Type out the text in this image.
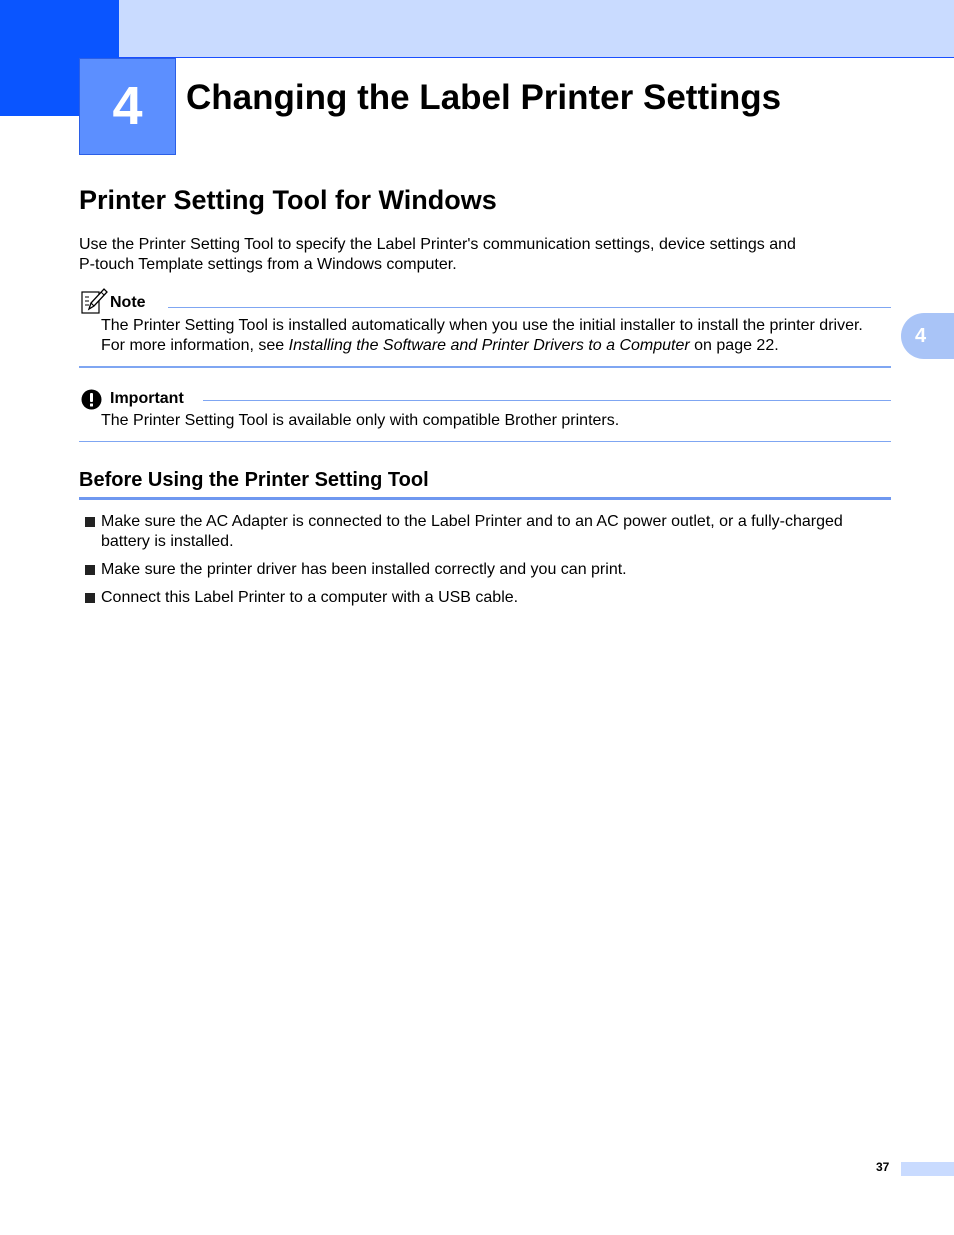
4	Changing the Label Printer Settings
Printer Setting Tool for Windows
Use the Printer Setting Tool to specify the Label Printer's communication settings, device settings and
P-touch Template settings from a Windows computer.
Note
The Printer Setting Tool is installed automatically when you use the initial installer to install the printer driver. For more information, see Installing the Software and Printer Drivers to a Computer on page 22.
Important
The Printer Setting Tool is available only with compatible Brother printers.
Before Using the Printer Setting Tool
Make sure the AC Adapter is connected to the Label Printer and to an AC power outlet, or a fully-charged battery is installed.
Make sure the printer driver has been installed correctly and you can print.
Connect this Label Printer to a computer with a USB cable.
4
37
